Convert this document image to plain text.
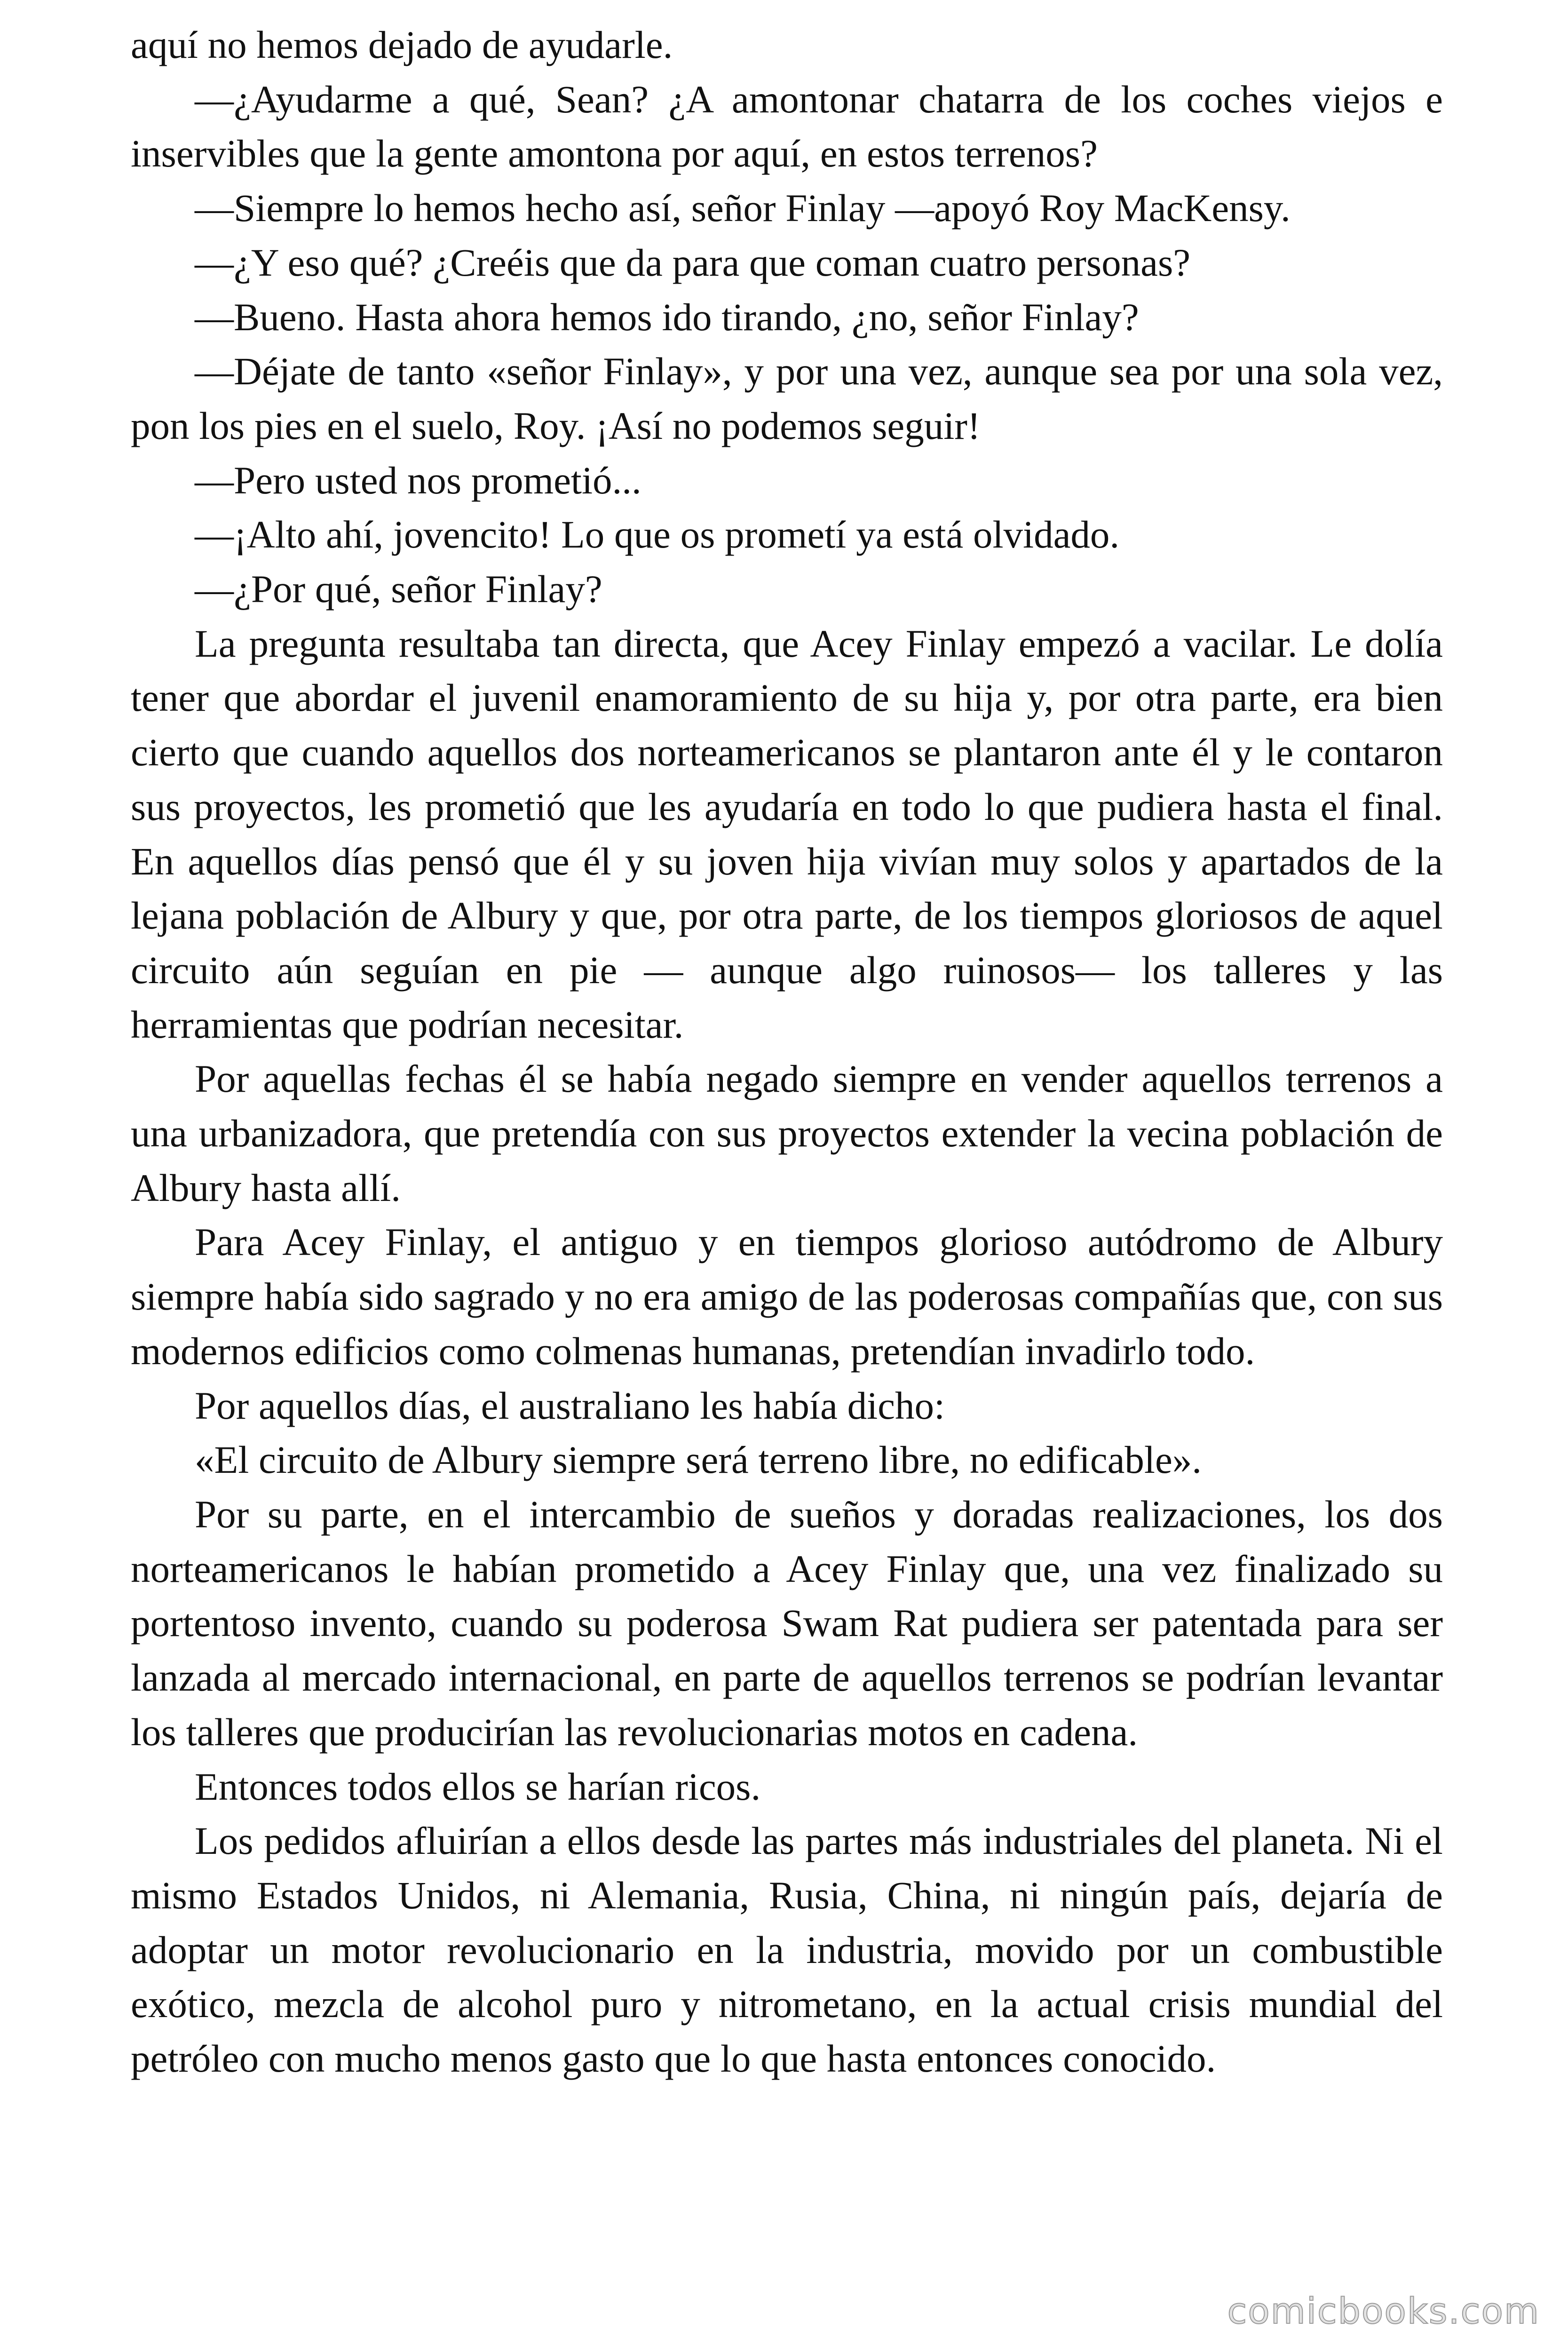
aquí no hemos dejado de ayudarle.

—¿Ayudarme a qué, Sean? ¿A amontonar chatarra de los coches viejos e inservibles que la gente amontona por aquí, en estos terrenos?

—Siempre lo hemos hecho así, señor Finlay —apoyó Roy MacKensy.

—¿Y eso qué? ¿Creéis que da para que coman cuatro personas?

—Bueno. Hasta ahora hemos ido tirando, ¿no, señor Finlay?

—Déjate de tanto «señor Finlay», y por una vez, aunque sea por una sola vez, pon los pies en el suelo, Roy. ¡Así no podemos seguir!

—Pero usted nos prometió...

—¡Alto ahí, jovencito! Lo que os prometí ya está olvidado.

—¿Por qué, señor Finlay?

La pregunta resultaba tan directa, que Acey Finlay empezó a vacilar. Le dolía tener que abordar el juvenil enamoramiento de su hija y, por otra parte, era bien cierto que cuando aquellos dos norteamericanos se plantaron ante él y le contaron sus proyectos, les prometió que les ayudaría en todo lo que pudiera hasta el final. En aquellos días pensó que él y su joven hija vivían muy solos y apartados de la lejana población de Albury y que, por otra parte, de los tiempos gloriosos de aquel circuito aún seguían en pie — aunque algo ruinosos— los talleres y las herramientas que podrían necesitar.

Por aquellas fechas él se había negado siempre en vender aquellos terrenos a una urbanizadora, que pretendía con sus proyectos extender la vecina población de Albury hasta allí.

Para Acey Finlay, el antiguo y en tiempos glorioso autódromo de Albury siempre había sido sagrado y no era amigo de las poderosas compañías que, con sus modernos edificios como colmenas humanas, pretendían invadirlo todo.

Por aquellos días, el australiano les había dicho:

«El circuito de Albury siempre será terreno libre, no edificable».

Por su parte, en el intercambio de sueños y doradas realizaciones, los dos norteamericanos le habían prometido a Acey Finlay que, una vez finalizado su portentoso invento, cuando su poderosa Swam Rat pudiera ser patentada para ser lanzada al mercado internacional, en parte de aquellos terrenos se podrían levantar los talleres que producirían las revolucionarias motos en cadena.

Entonces todos ellos se harían ricos.

Los pedidos afluirían a ellos desde las partes más industriales del planeta. Ni el mismo Estados Unidos, ni Alemania, Rusia, China, ni ningún país, dejaría de adoptar un motor revolucionario en la industria, movido por un combustible exótico, mezcla de alcohol puro y nitrometano, en la actual crisis mundial del petróleo con mucho menos gasto que lo que hasta entonces conocido.

comicbooks.com
